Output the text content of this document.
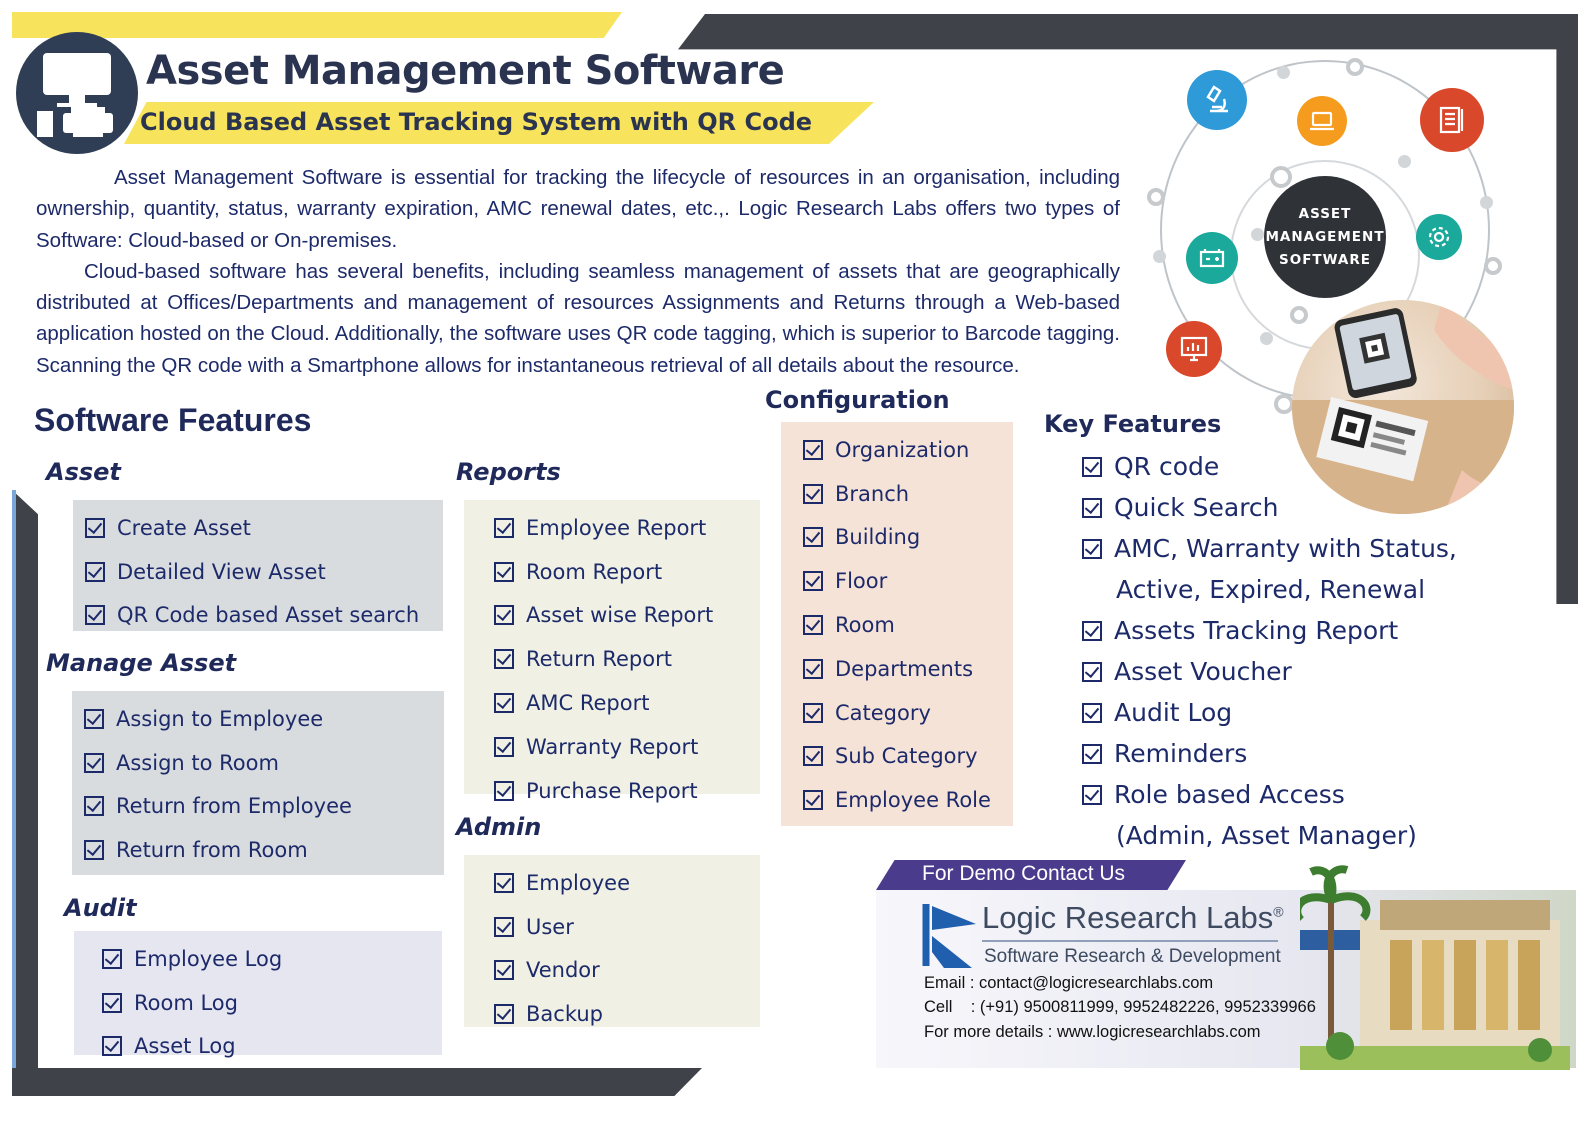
Asset Management Software
Cloud Based Asset Tracking System with QR Code

Asset Management Software is essential for tracking the lifecycle of resources in an organisation, including ownership, quantity, status, warranty expiration, AMC renewal dates, etc.,. Logic Research Labs offers two types of Software: Cloud-based or On-premises.

Cloud-based software has several benefits, including seamless management of assets that are geographically distributed at Offices/Departments and management of resources Assignments and Returns through a Web-based application hosted on the Cloud. Additionally, the software uses QR code tagging, which is superior to Barcode tagging. Scanning the QR code with a Smartphone allows for instantaneous retrieval of all details about the resource.

ASSET
MANAGEMENT
SOFTWARE
Software Features
Asset
Create Asset
Detailed View Asset
QR Code based Asset search
Manage Asset
Assign to Employee
Assign to Room
Return from Employee
Return from Room
Audit
Employee Log
Room Log
Asset Log
Reports
Employee Report
Room Report
Asset wise Report
Return Report
AMC Report
Warranty Report
Purchase Report
Admin
Employee
User
Vendor
Backup
Configuration
Organization
Branch
Building
Floor
Room
Departments
Category
Sub Category
Employee Role
Key Features
QR code
Quick Search
AMC, Warranty with Status,
Active, Expired, Renewal
Assets Tracking Report
Asset Voucher
Audit Log
Reminders
Role based Access
(Admin, Asset Manager)
For Demo Contact Us
Logic Research Labs®
Software Research & Development
Email : contact@logicresearchlabs.com
Cell    : (+91) 9500811999, 9952482226, 9952339966
For more details : www.logicresearchlabs.com
